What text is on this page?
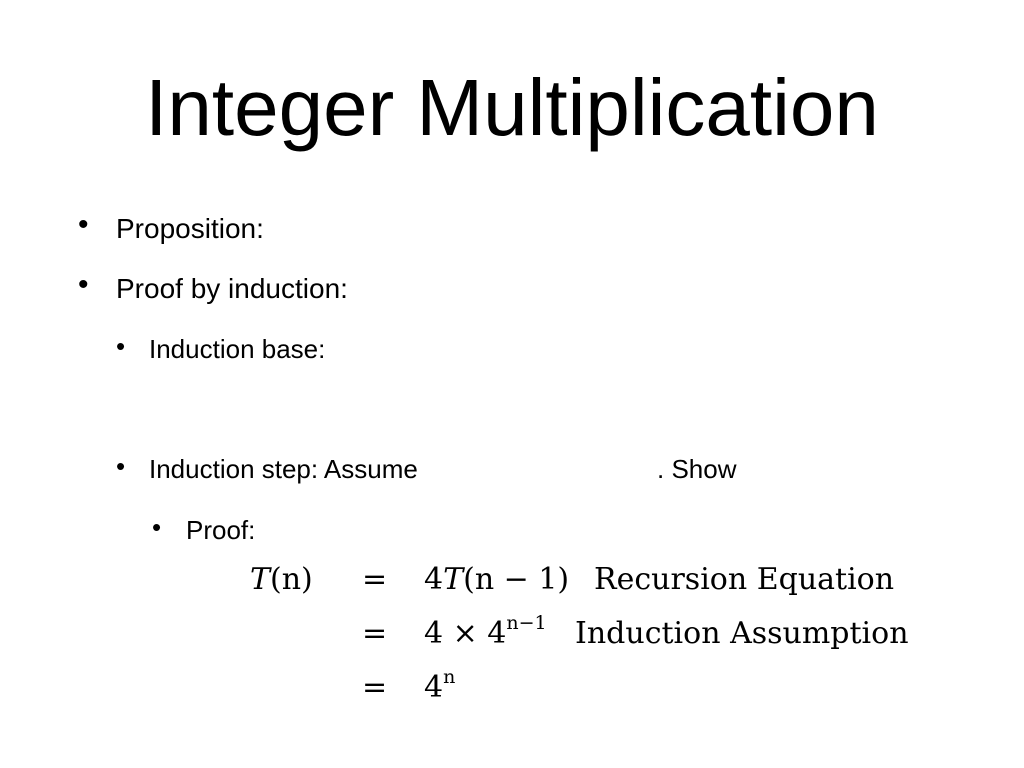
Integer Multiplication
• Proposition:
• Proof by induction:
• Induction base:
• Induction step: Assume	. Show
• Proof:
T(n) = 4T(n − 1) Recursion Equation
= $4 \times 4^{n-1}$ Induction Assumption
= $4^n$
